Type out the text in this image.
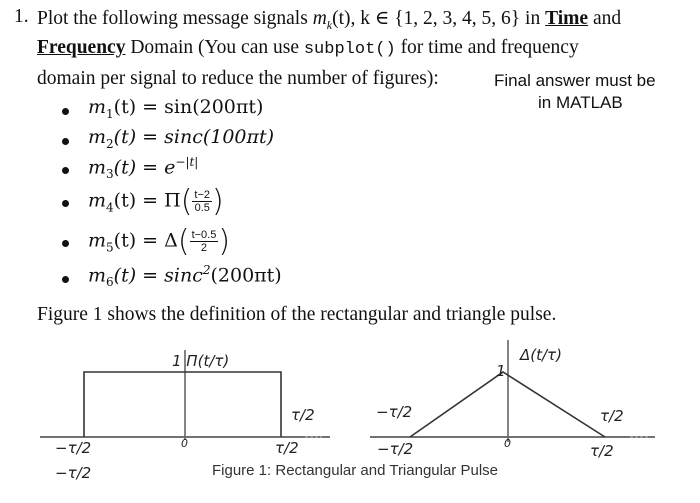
1. Plot the following message signals $m_k(t)$, k ∈ {1, 2, 3, 4, 5, 6} in Time and
Frequency Domain (You can use subplot() for time and frequency
domain per signal to reduce the number of figures):	Final answer must be
in MATLAB
$m_1(t) = \sin(200\pi t)$
$m_2(t) = \sin c(100\pi t)$
$m_3(t) = e^{-|t|}$
$m_4(t) = \Pi( \frac{t-2}{0.5}$ )
$m_5(t) = \Delta( \frac{t-0.5}{2}$ )
$m_6(t) = \sin c^2(200\pi t)$
Figure 1 shows the definition of the rectangular and triangle pulse.
1 Π(t/τ)	Δ(t/τ)
1
τ/2	−τ/2	τ/2
0	0
τ/2	−τ/2	τ/2
−τ/2
−τ/2	Figure 1: Rectangular and Triangular Pulse
